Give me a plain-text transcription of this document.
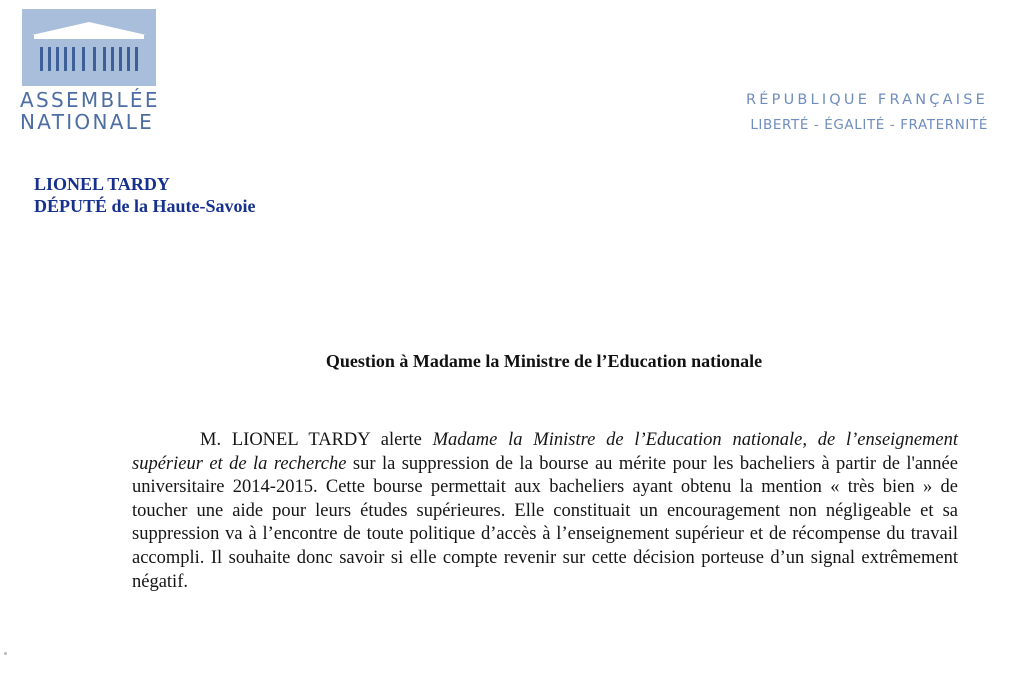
ASSEMBLÉE
NATIONALE
RÉPUBLIQUE FRANÇAISE
LIBERTÉ - ÉGALITÉ - FRATERNITÉ
LIONEL TARDY
DÉPUTÉ de la Haute-Savoie
Question à Madame la Ministre de l’Education nationale
M. LIONEL TARDY alerte Madame la Ministre de l’Education nationale, de l’enseignement supérieur et de la recherche sur la suppression de la bourse au mérite pour les bacheliers à partir de l'année universitaire 2014-2015. Cette bourse permettait aux bacheliers ayant obtenu la mention « très bien » de toucher une aide pour leurs études supérieures. Elle constituait un encouragement non négligeable et sa suppression va à l’encontre de toute politique d’accès à l’enseignement supérieur et de récompense du travail accompli. Il souhaite donc savoir si elle compte revenir sur cette décision porteuse d’un signal extrêmement négatif.
